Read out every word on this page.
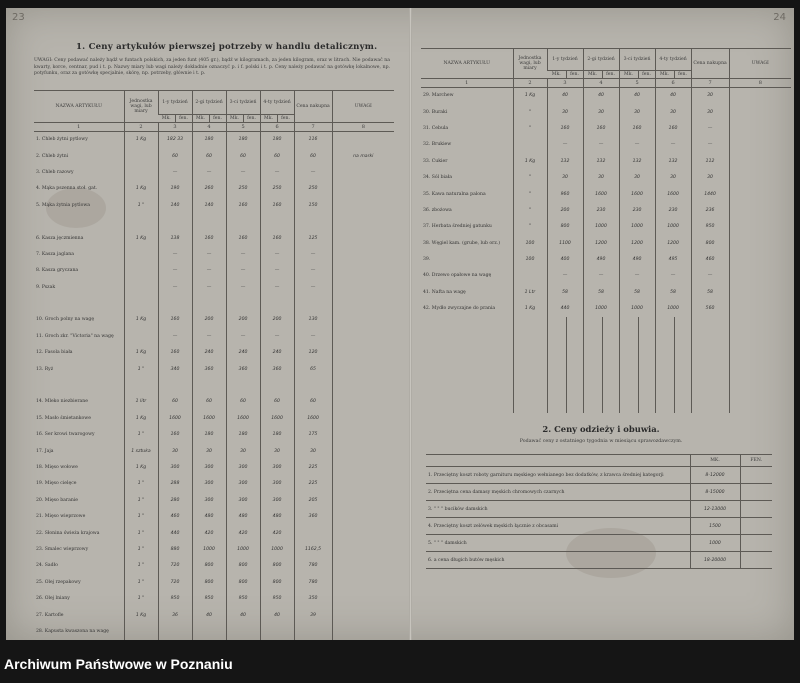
23	24
1. Ceny artykułów pierwszej potrzeby w handlu detalicznym.
UWAGI: Ceny podawać należy bądź w funtach polskich, za jeden funt (405 gr.), bądź w kilogramach, za jeden kilogram, oraz w litrach. Nie podawać na kwarty, korce, centnar, pud i t. p. Nazwy miary lub wagi należy dokładnie oznaczyć p. i f. polski i t. p. Ceny należy podawać na gotówkę lokalnowe, np. potyfunku, oraz za gotówkę specjalnie, skórę, np. potrzeby, głównie i t. p.
NAZWA ARTYKUŁU	Jednostka wagi, lub miary	1-y tydzień		2-gi tydzień		3-ci tydzień		4-ty tydzień		Cena nakupna	UWAGI
		Mk.	fen.	Mk.	fen.	Mk.	fen.	Mk.	fen.		
1	2	3		4		5		6		7	8
1. Chleb żytni pytlowy	1 Kg	182 33		180		180		180		116	
2. Chleb żytni		60		60		60		60		60	na marki
3. Chleb razowy		—		—		—		—		—	
4. Mąka pszenna stoł. gat.	1 Kg	190		260		250		250		250	
5. Mąka żytnia pytlowa	1 "	140		140		160		160		150	

6. Kasza jęczmienna	1 Kg	138		160		160		160		125	
7. Kasza jaglana		—		—		—		—		—	
8. Kasza gryczana		—		—		—		—		—	
9. Pszak		—		—		—		—		—	

10. Groch polny na wagę	1 Kg	160		200		200		200		130	
11. Groch zkr. "Victoria" na wagę		—		—		—		—		—	
12. Fasola biała	1 Kg	160		240		240		240		120	
13. Ryż	1 "	340		360		360		360		65	

14. Mleko niezbierane	1 litr	60		60		60		60		60	
15. Masło śmietankowe	1 Kg	1600		1600		1600		1600		1600	
16. Ser krowi twarogowy	1 "	160		180		180		180		175	
17. Jaja	1 sztuka	30		30		30		30		30	
18. Mięso wołowe	1 Kg	300		300		300		300		225	
19. Mięso cielęce	1 "	288		300		300		300		225	
20. Mięso baranie	1 "	280		300		300		300		205	
21. Mięso wieprzowe	1 "	460		480		480		480		360	
22. Słonina świeża krajowa	1 "	440		420		420		420			
23. Smalec wieprzowy	1 "	880		1000		1000		1000		1162,5	
24. Sadło	1 "	720		800		800		800		780	
25. Olej rzepakowy	1 "	720		800		800		800		780	
26. Olej lniany	1 "	950		950		950		950		350	
27. Kartofle	1 Kg	36		40		40		40		39	
28. Kapusta kwaszona na wagę											
NAZWA ARTYKUŁU	Jednostka wagi, lub miary	1-y tydzień		2-gi tydzień		3-ci tydzień		4-ty tydzień		Cena nakupna	UWAGI
		Mk.	fen.	Mk.	fen.	Mk.	fen.	Mk.	fen.		
1	2	3		4		5		6		7	8
29. Marchew	1 Kg	40		40		40		40		30	
30. Buraki	"	30		30		30		30		30	
31. Cebula	"	160		160		160		160		—	
32. Brukiew		—		—		—		—		—	
33. Cukier	1 Kg	132		132		132		132		112	
34. Sól biała	"	30		30		30		30		30	
35. Kawa naturalna palona	"	960		1600		1600		1600		1440	
36. zbożowa	"	200		230		230		230		236	
37. Herbata średniej gatunku	"	800		1000		1000		1000		950	
38. Węgiel kam. (grube, lub orz.)	100	1100		1200		1200		1200		800	
39.	100	400		490		490		495		460	
40. Drzewo opałowe na wagę		—		—		—		—		—	
41. Nafta na wagę	1 Ltr	58		58		58		58		58	
42. Mydło zwyczajne do prania	1 Kg	440		1000		1000		1000		560	

2. Ceny odzieży i obuwia.
Podawać ceny z ostatniego tygodnia w miesiącu sprawozdawczym.
	MK.	FEN.
1. Przeciętny koszt roboty garnituru męskiego wełnianego bez dodatków, z krawca średniej kategorji	8-12000	
2. Przeciętna cena damasy męskich chromowych czarnych	8-15000	
3. " " " bucików damskich	12-13000	
4. Przeciętny koszt zelówek męskich łącznie z obcasami	1500	
5. " " " damskich	1000	
6. a cena długich butów męskich	18-20000	
Archiwum Państwowe w Poznaniu
